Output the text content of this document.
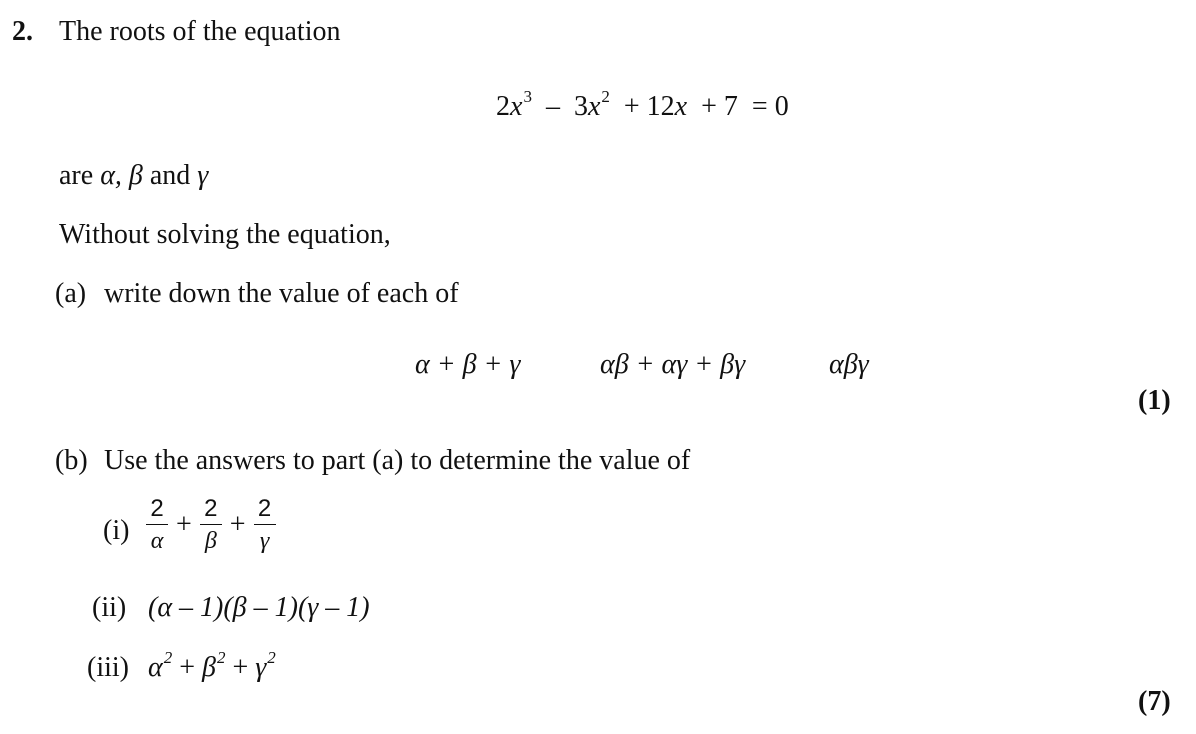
2. The roots of the equation
$2x^3 - 3x^2 + 12x + 7 = 0$
are α, β and γ
Without solving the equation,
(a) write down the value of each of
α + β + γ	αβ + αγ + βγ	αβγ
(1)
(b) Use the answers to part (a) to determine the value of
$(i) \frac{2}{\alpha} + \frac{2}{\beta} + \frac{2}{\gamma}$
(ii) (α – 1)(β – 1)(γ – 1)
(iii) $\alpha^2 + \beta^2 + \gamma^2$
(7)
